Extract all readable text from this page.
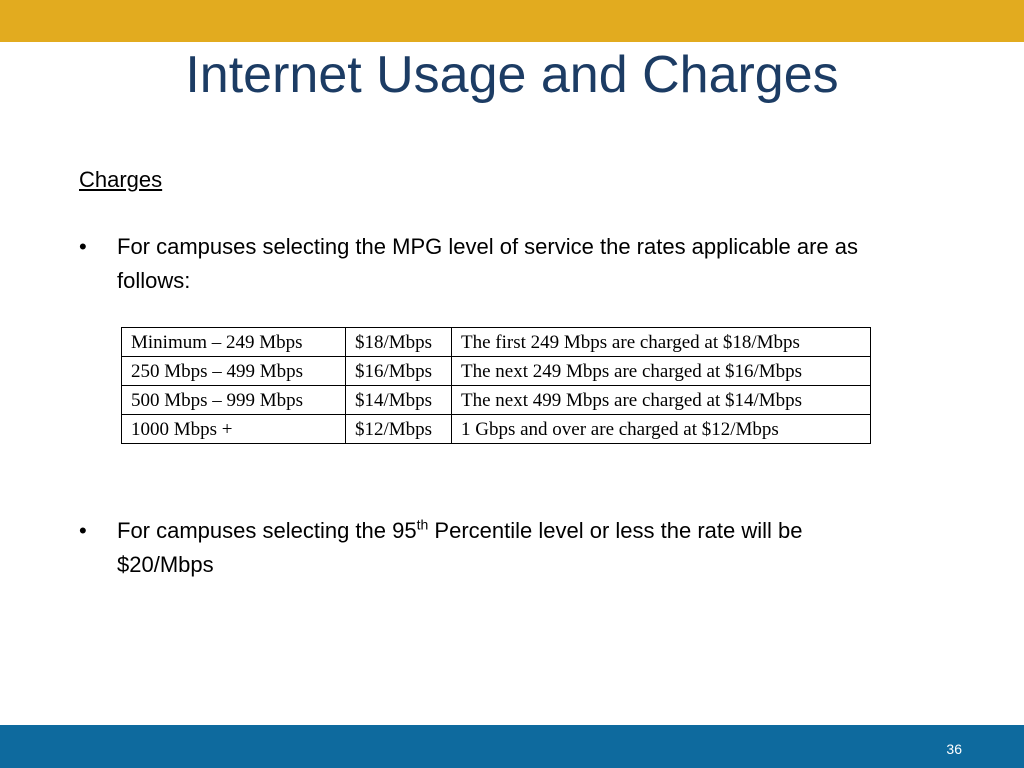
Internet Usage and Charges
Charges
•	For campuses selecting the MPG level of service the rates applicable are as follows:
Minimum – 249 Mbps	$18/Mbps	The first 249 Mbps are charged at $18/Mbps
250 Mbps – 499 Mbps	$16/Mbps	The next 249 Mbps are charged at $16/Mbps
500 Mbps – 999 Mbps	$14/Mbps	The next 499 Mbps are charged at $14/Mbps
1000 Mbps +	$12/Mbps	1 Gbps and over are charged at $12/Mbps
•	For campuses selecting the 95th Percentile level or less the rate will be $20/Mbps
36
